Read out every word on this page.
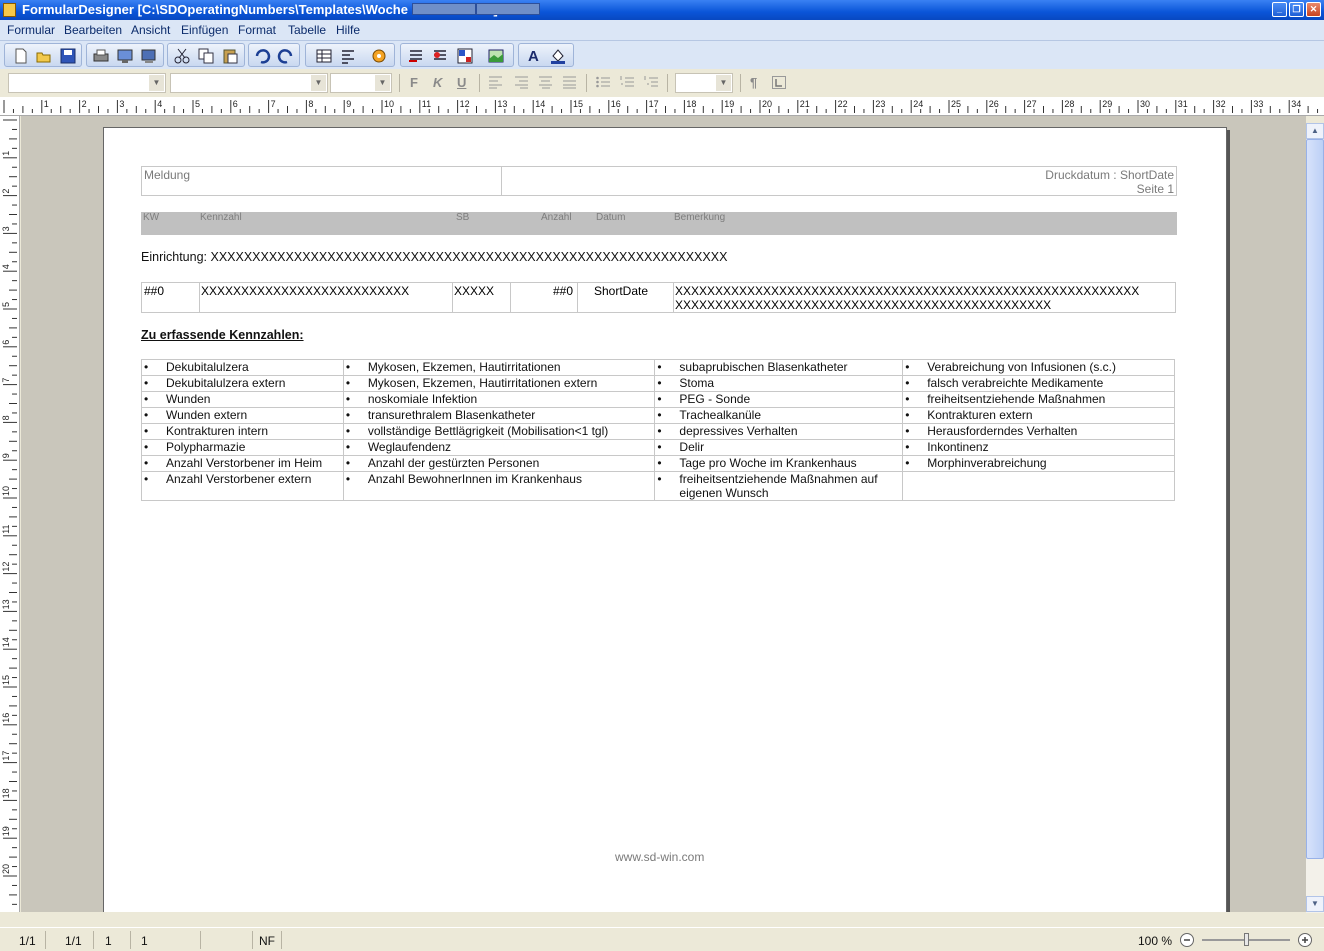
FormularDesigner [C:\SDOperatingNumbers\Templates\Woche	_	❐	✕
Formular Bearbeiten Ansicht Einfügen Format Tabelle Hilfe
A
▼	▼	▼ F K U	▼ ¶
1	2	3	4	5	6	7	8	9	10	11	12	13	14	15	16	17	18	19	20	21	22	23	24	25	26	27	28	29	30	31	32	33	34
1
2
3
4
5
6
7
8
9
10
11
12
13
14
15
16
17
18
19
20
Meldung	Druckdatum : ShortDate
Seite 1
KW	Kennzahl	SB	Anzahl Datum	Bemerkung
Einrichtung: XXXXXXXXXXXXXXXXXXXXXXXXXXXXXXXXXXXXXXXXXXXXXXXXXXXXXXXXXXXXXX
##0	XXXXXXXXXXXXXXXXXXXXXXXXXX	XXXXX	##0 ShortDate XXXXXXXXXXXXXXXXXXXXXXXXXXXXXXXXXXXXXXXXXXXXXXXXXXXXXXXXXX
XXXXXXXXXXXXXXXXXXXXXXXXXXXXXXXXXXXXXXXXXXXXXXX
Zu erfassende Kennzahlen:
• Dekubitalulzera	• Mykosen, Ekzemen, Hautirritationen	• subaprubischen Blasenkatheter	• Verabreichung von Infusionen (s.c.)

• Dekubitalulzera extern	• Mykosen, Ekzemen, Hautirritationen extern	• Stoma	• falsch verabreichte Medikamente

• Wunden	• noskomiale Infektion	• PEG - Sonde	• freiheitsentziehende Maßnahmen

• Wunden extern	• transurethralem Blasenkatheter	• Trachealkanüle	• Kontrakturen extern

• Kontrakturen intern	• vollständige Bettlägrigkeit (Mobilisation<1 tgl)	• depressives Verhalten	• Herausforderndes Verhalten

• Polypharmazie	• Weglaufendenz	• Delir	• Inkontinenz

• Anzahl Verstorbener im Heim	• Anzahl der gestürzten Personen	• Tage pro Woche im Krankenhaus	• Morphinverabreichung

• Anzahl Verstorbener extern	• Anzahl BewohnerInnen im Krankenhaus	• freiheitsentziehende Maßnahmen auf eigenen Wunsch	
www.sd-win.com
▲
▼
1/1 1/1 1 1	NF	100 %
